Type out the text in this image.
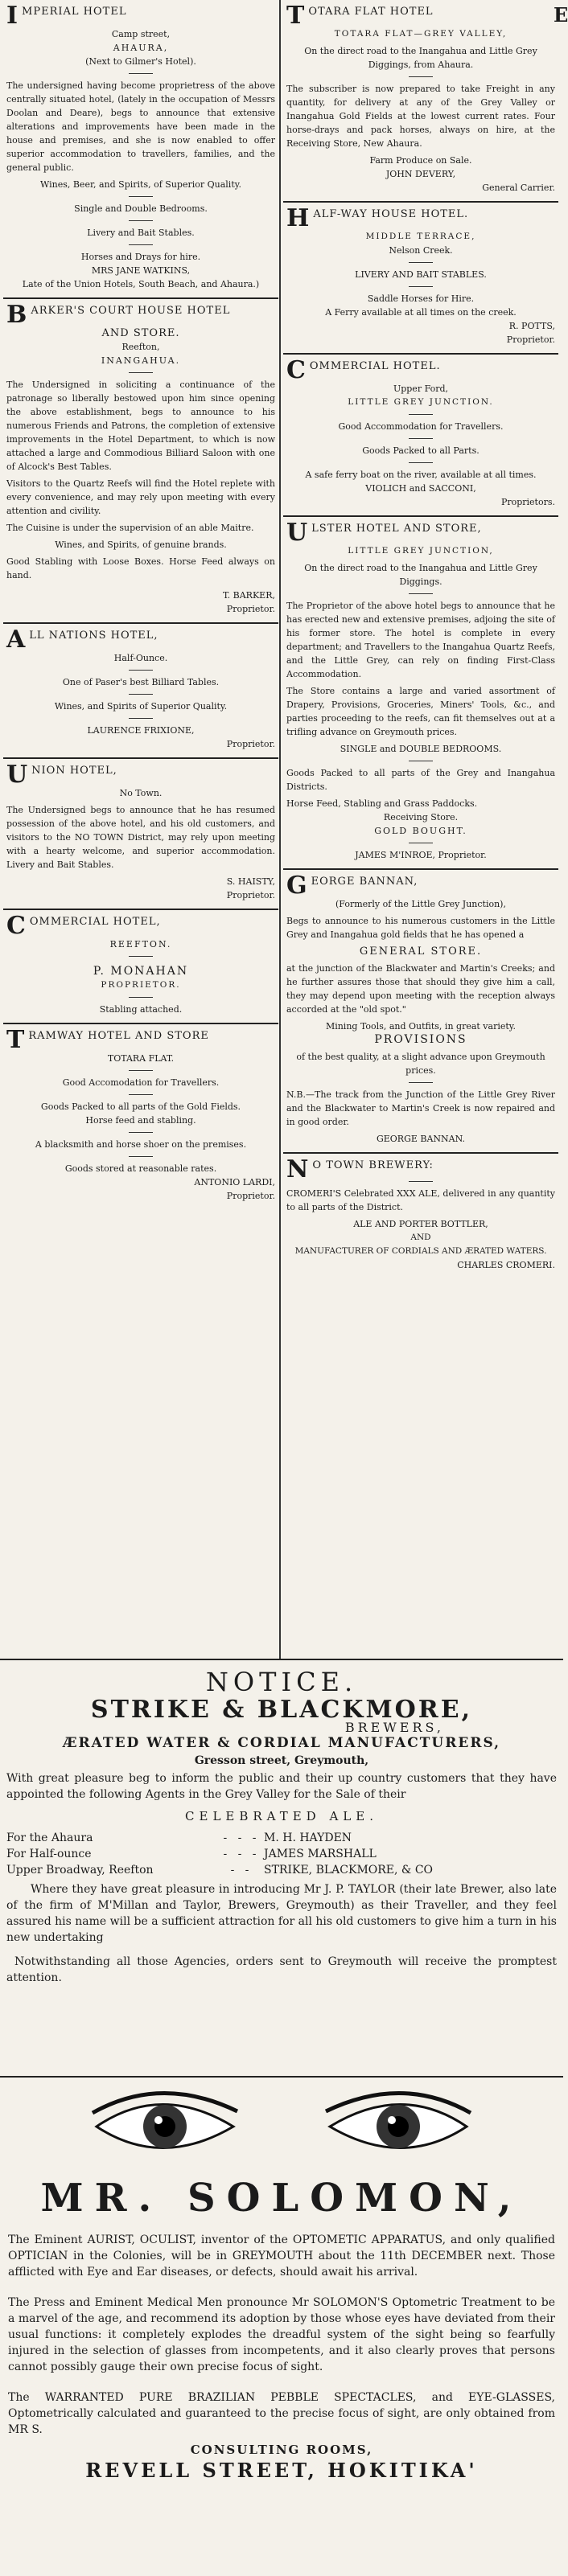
E
IMPERIAL HOTEL
Camp street,
AHAURA,
(Next to Gilmer's Hotel).

The undersigned having become proprietress of the above centrally situated hotel, (lately in the occupation of Messrs Doolan and Deare), begs to announce that extensive alterations and improvements have been made in the house and premises, and she is now enabled to offer superior accommodation to travellers, families, and the general public.

Wines, Beer, and Spirits, of Superior Quality.
Single and Double Bedrooms.
Livery and Bait Stables.
Horses and Drays for hire.
MRS JANE WATKINS,
Late of the Union Hotels, South Beach, and Ahaura.)
BARKER'S COURT HOUSE HOTEL
AND STORE.
Reefton,
INANGAHUA.

The Undersigned in soliciting a continuance of the patronage so liberally bestowed upon him since opening the above establishment, begs to announce to his numerous Friends and Patrons, the completion of extensive improvements in the Hotel Department, to which is now attached a large and Commodious Billiard Saloon with one of Alcock's Best Tables.

Visitors to the Quartz Reefs will find the Hotel replete with every convenience, and may rely upon meeting with every attention and civility.

The Cuisine is under the supervision of an able Maitre.

Wines, and Spirits, of genuine brands.

Good Stabling with Loose Boxes. Horse Feed always on hand.

T. BARKER,
Proprietor.
ALL NATIONS HOTEL,
Half-Ounce.
One of Paser's best Billiard Tables.
Wines, and Spirits of Superior Quality.
LAURENCE FRIXIONE,
Proprietor.
UNION HOTEL,
No Town.

The Undersigned begs to announce that he has resumed possession of the above hotel, and his old customers, and visitors to the NO TOWN District, may rely upon meeting with a hearty welcome, and superior accommodation. Livery and Bait Stables.

S. HAISTY,
Proprietor.
COMMERCIAL HOTEL,
REEFTON.
P. MONAHAN
PROPRIETOR.
Stabling attached.
TRAMWAY HOTEL AND STORE
TOTARA FLAT.
Good Accomodation for Travellers.
Goods Packed to all parts of the Gold Fields.
Horse feed and stabling.
A blacksmith and horse shoer on the premises.
Goods stored at reasonable rates.
ANTONIO LARDI,
Proprietor.
TOTARA FLAT HOTEL
TOTARA FLAT—GREY VALLEY,

On the direct road to the Inangahua and Little Grey Diggings, from Ahaura.

The subscriber is now prepared to take Freight in any quantity, for delivery at any of the Grey Valley or Inangahua Gold Fields at the lowest current rates. Four horse-drays and pack horses, always on hire, at the Receiving Store, New Ahaura.

Farm Produce on Sale.
JOHN DEVERY,
General Carrier.
HALF-WAY HOUSE HOTEL.
MIDDLE TERRACE,
Nelson Creek.
LIVERY AND BAIT STABLES.
Saddle Horses for Hire.
A Ferry available at all times on the creek.
R. POTTS,
Proprietor.
COMMERCIAL HOTEL.
Upper Ford,
LITTLE GREY JUNCTION.
Good Accommodation for Travellers.
Goods Packed to all Parts.
A safe ferry boat on the river, available at all times.
VIOLICH and SACCONI,
Proprietors.
ULSTER HOTEL AND STORE,
LITTLE GREY JUNCTION,

On the direct road to the Inangahua and Little Grey Diggings.

The Proprietor of the above hotel begs to announce that he has erected new and extensive premises, adjoing the site of his former store. The hotel is complete in every department; and Travellers to the Inangahua Quartz Reefs, and the Little Grey, can rely on finding First-Class Accommodation.

The Store contains a large and varied assortment of Drapery, Provisions, Groceries, Miners' Tools, &c., and parties proceeding to the reefs, can fit themselves out at a trifling advance on Greymouth prices.

SINGLE and DOUBLE BEDROOMS.

Goods Packed to all parts of the Grey and Inangahua Districts.

Horse Feed, Stabling and Grass Paddocks.
Receiving Store.
GOLD BOUGHT.
JAMES M'INROE, Proprietor.
GEORGE BANNAN,
(Formerly of the Little Grey Junction),

Begs to announce to his numerous customers in the Little Grey and Inangahua gold fields that he has opened a

GENERAL STORE.

at the junction of the Blackwater and Martin's Creeks; and he further assures those that should they give him a call, they may depend upon meeting with the reception always accorded at the "old spot."

Mining Tools, and Outfits, in great variety.
PROVISIONS

of the best quality, at a slight advance upon Greymouth prices.

N.B.—The track from the Junction of the Little Grey River and the Blackwater to Martin's Creek is now repaired and in good order.

GEORGE BANNAN.
N O TOWN BREWERY:

CROMERI'S Celebrated XXX ALE, delivered in any quantity to all parts of the District.

ALE AND PORTER BOTTLER,
AND
MANUFACTURER OF CORDIALS AND ÆRATED WATERS.
CHARLES CROMERI.
NOTICE.
STRIKE & BLACKMORE,
BREWERS,
ÆRATED WATER & CORDIAL MANUFACTURERS,
Gresson street, Greymouth,
With great pleasure beg to inform the public and their up country customers that they have appointed the following Agents in the Grey Valley for the Sale of their
CELEBRATED ALE.
For the Ahaura	-   -   - M. H. HAYDEN
For Half-ounce	-   -   - JAMES MARSHALL
Upper Broadway, Reefton	-   -	STRIKE, BLACKMORE, & CO
Where they have great pleasure in introducing Mr J. P. TAYLOR (their late Brewer, also late of the firm of M'Millan and Taylor, Brewers, Greymouth) as their Traveller, and they feel assured his name will be a sufficient attraction for all his old customers to give him a turn in his new undertaking
Notwithstanding all those Agencies, orders sent to Greymouth will receive the promptest attention.
MR. SOLOMON,

The Eminent AURIST, OCULIST, inventor of the OPTOMETIC APPARATUS, and only qualified OPTICIAN in the Colonies, will be in GREYMOUTH about the 11th DECEMBER next. Those afflicted with Eye and Ear diseases, or defects, should await his arrival.

The Press and Eminent Medical Men pronounce Mr SOLOMON'S Optometric Treatment to be a marvel of the age, and recommend its adoption by those whose eyes have deviated from their usual functions: it completely explodes the dreadful system of the sight being so fearfully injured in the selection of glasses from incompetents, and it also clearly proves that persons cannot possibly gauge their own precise focus of sight.

The WARRANTED PURE BRAZILIAN PEBBLE SPECTACLES, and EYE-GLASSES, Optometrically calculated and guaranteed to the precise focus of sight, are only obtained from MR S.

CONSULTING ROOMS,
REVELL STREET, HOKITIKA'
